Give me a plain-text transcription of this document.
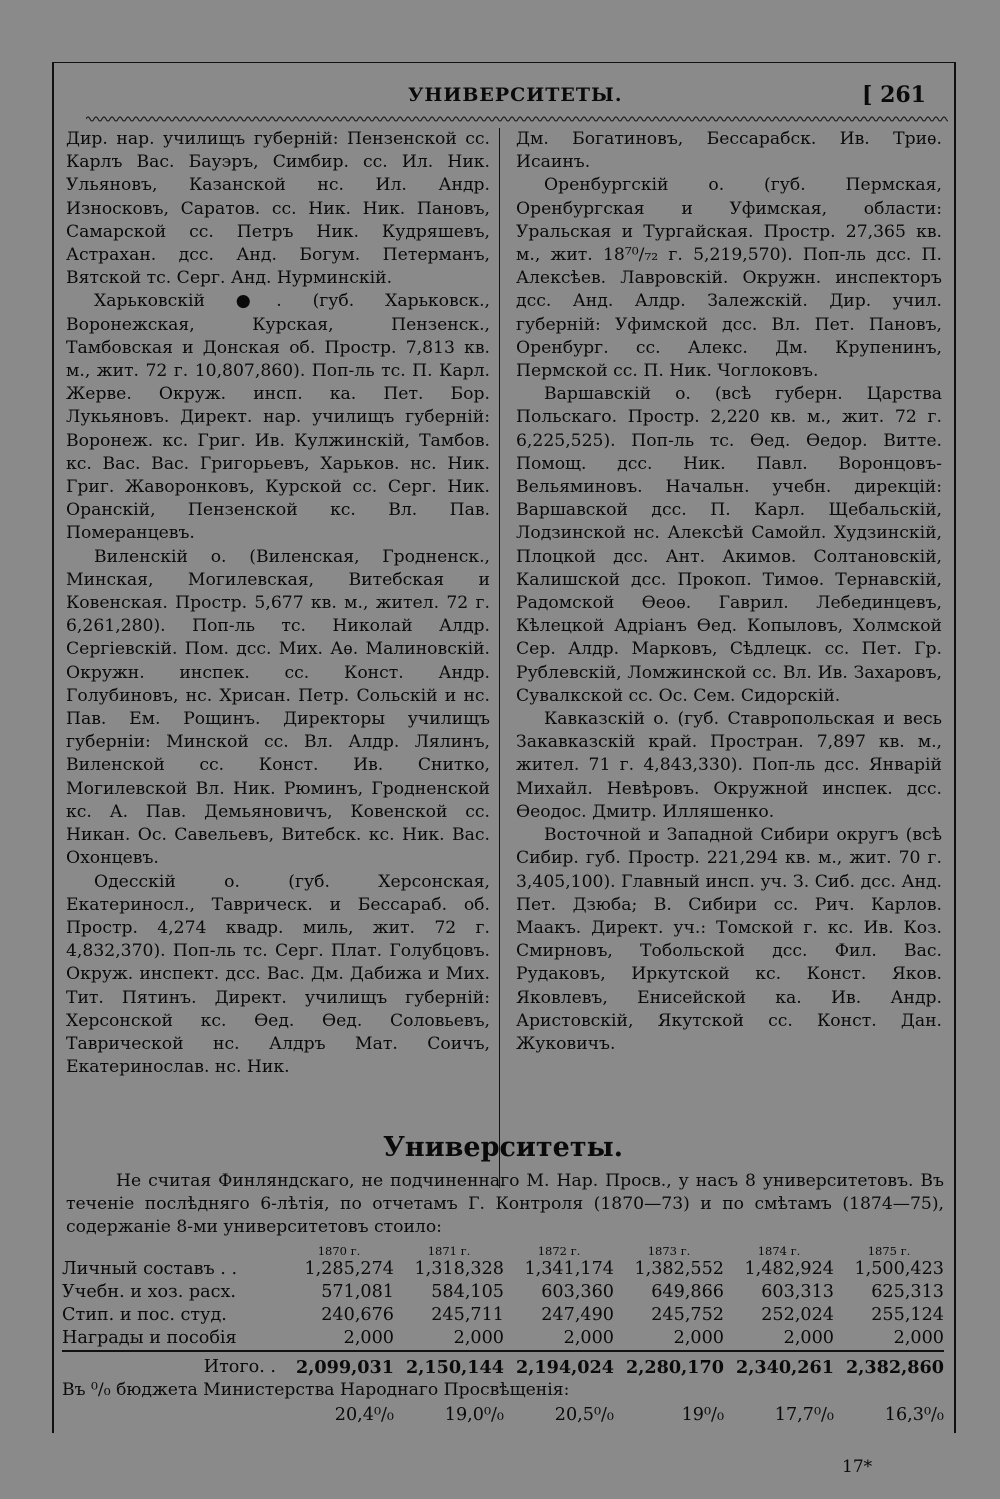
УНИВЕРСИТЕТЫ.	[ 261

Дир. нар. училищъ губерній: Пензенской сс. Карлъ Вас. Бауэръ, Симбир. сс. Ил. Ник. Ульяновъ, Казанской нс. Ил. Андр. Износковъ, Саратов. сс. Ник. Ник. Пановъ, Самарской сс. Петръ Ник. Кудряшевъ, Астрахан. дсс. Анд. Богум. Петерманъ, Вятской тс. Серг. Анд. Нурминскій.

Харьковскій ●. (губ. Харьковск., Воронежская, Курская, Пензенск., Тамбовская и Донская об. Простр. 7,813 кв. м., жит. 72 г. 10,807,860). Поп-ль тс. П. Карл. Жерве. Окруж. инсп. ка. Пет. Бор. Лукьяновъ. Директ. нар. училищъ губерній: Воронеж. кс. Григ. Ив. Кулжинскій, Тамбов. кс. Вас. Вас. Григорьевъ, Харьков. нс. Ник. Григ. Жаворонковъ, Курской сс. Серг. Ник. Оранскій, Пензенской кс. Вл. Пав. Померанцевъ.

Виленскій о. (Виленская, Гродненск., Минская, Могилевская, Витебская и Ковенская. Простр. 5,677 кв. м., жител. 72 г. 6,261,280). Поп-ль тс. Николай Алдр. Сергіевскій. Пом. дсс. Мих. Аѳ. Малиновскій. Окружн. инспек. сс. Конст. Андр. Голубиновъ, нс. Хрисан. Петр. Сольскій и нс. Пав. Ем. Рощинъ. Директоры училищъ губерніи: Минской сс. Вл. Алдр. Лялинъ, Виленской сс. Конст. Ив. Снитко, Могилевской Вл. Ник. Рюминъ, Гродненской кс. А. Пав. Демьяновичъ, Ковенской сс. Никан. Ос. Савельевъ, Витебск. кс. Ник. Вас. Охонцевъ.

Одесскій о. (губ. Херсонская, Екатериносл., Таврическ. и Бессараб. об. Простр. 4,274 квадр. миль, жит. 72 г. 4,832,370). Поп-ль тс. Серг. Плат. Голубцовъ. Окруж. инспект. дсс. Вас. Дм. Дабижа и Мих. Тит. Пятинъ. Директ. училищъ губерній: Херсонской кс. Ѳед. Ѳед. Соловьевъ, Таврической нс. Алдръ Мат. Соичъ, Екатеринослав. нс. Ник.

Дм. Богатиновъ, Бессарабск. Ив. Триѳ. Исаинъ.

Оренбургскій о. (губ. Пермская, Оренбургская и Уфимская, области: Уральская и Тургайская. Простр. 27,365 кв. м., жит. 18⁷⁰/₇₂ г. 5,219,570). Поп-ль дсс. П. Алексѣев. Лавровскій. Окружн. инспекторъ дсс. Анд. Алдр. Залежскій. Дир. учил. губерній: Уфимской дсс. Вл. Пет. Пановъ, Оренбург. сс. Алекс. Дм. Крупенинъ, Пермской сс. П. Ник. Чоглоковъ.

Варшавскій о. (всѣ губерн. Царства Польскаго. Простр. 2,220 кв. м., жит. 72 г. 6,225,525). Поп-ль тс. Ѳед. Ѳедор. Витте. Помощ. дсс. Ник. Павл. Воронцовъ-Вельяминовъ. Начальн. учебн. дирекцій: Варшавской дсс. П. Карл. Щебальскій, Лодзинской нс. Алексѣй Самойл. Худзинскій, Плоцкой дсс. Ант. Акимов. Солтановскій, Калишской дсс. Прокоп. Тимоѳ. Тернавскій, Радомской Ѳеоѳ. Гаврил. Лебединцевъ, Кѣлецкой Адріанъ Ѳед. Копыловъ, Холмской Сер. Алдр. Марковъ, Сѣдлецк. сс. Пет. Гр. Рублевскій, Ломжинской сс. Вл. Ив. Захаровъ, Сувалкской сс. Ос. Сем. Сидорскій.

Кавказскій о. (губ. Ставропольская и весь Закавказскій край. Простран. 7,897 кв. м., жител. 71 г. 4,843,330). Поп-ль дсс. Январій Михайл. Невѣровъ. Окружной инспек. дсс. Ѳеодос. Дмитр. Илляшенко.

Восточной и Западной Сибири округъ (всѣ Сибир. губ. Простр. 221,294 кв. м., жит. 70 г. 3,405,100). Главный инсп. уч. З. Сиб. дсс. Анд. Пет. Дзюба; В. Сибири сс. Рич. Карлов. Маакъ. Директ. уч.: Томской г. кс. Ив. Коз. Смирновъ, Тобольской дсс. Фил. Вас. Рудаковъ, Иркутской кс. Конст. Яков. Яковлевъ, Енисейской ка. Ив. Андр. Аристовскій, Якутской сс. Конст. Дан. Жуковичъ.

Университеты.
Не считая Финляндскаго, не подчиненнаго М. Нар. Просв., у насъ 8 университетовъ. Въ теченіе послѣдняго 6-лѣтія, по отчетамъ Г. Контроля (1870—73) и по смѣтамъ (1874—75), содержаніе 8-ми университетовъ стоило:
	1870 г.	1871 г.	1872 г.	1873 г.	1874 г.	1875 г.
Личный составъ . .	1,285,274	1,318,328	1,341,174	1,382,552	1,482,924	1,500,423
Учебн. и хоз. расх.	571,081	584,105	603,360	649,866	603,313	625,313
Стип. и пос. студ.	240,676	245,711	247,490	245,752	252,024	255,124
Награды и пособія	2,000	2,000	2,000	2,000	2,000	2,000
Итого. .	2,099,031	2,150,144	2,194,024	2,280,170	2,340,261	2,382,860
Въ ⁰/₀ бюджета Министерства Народнаго Просвѣщенія:
20,4⁰/₀	19,0⁰/₀	20,5⁰/₀	19⁰/₀	17,7⁰/₀	16,3⁰/₀
17*
